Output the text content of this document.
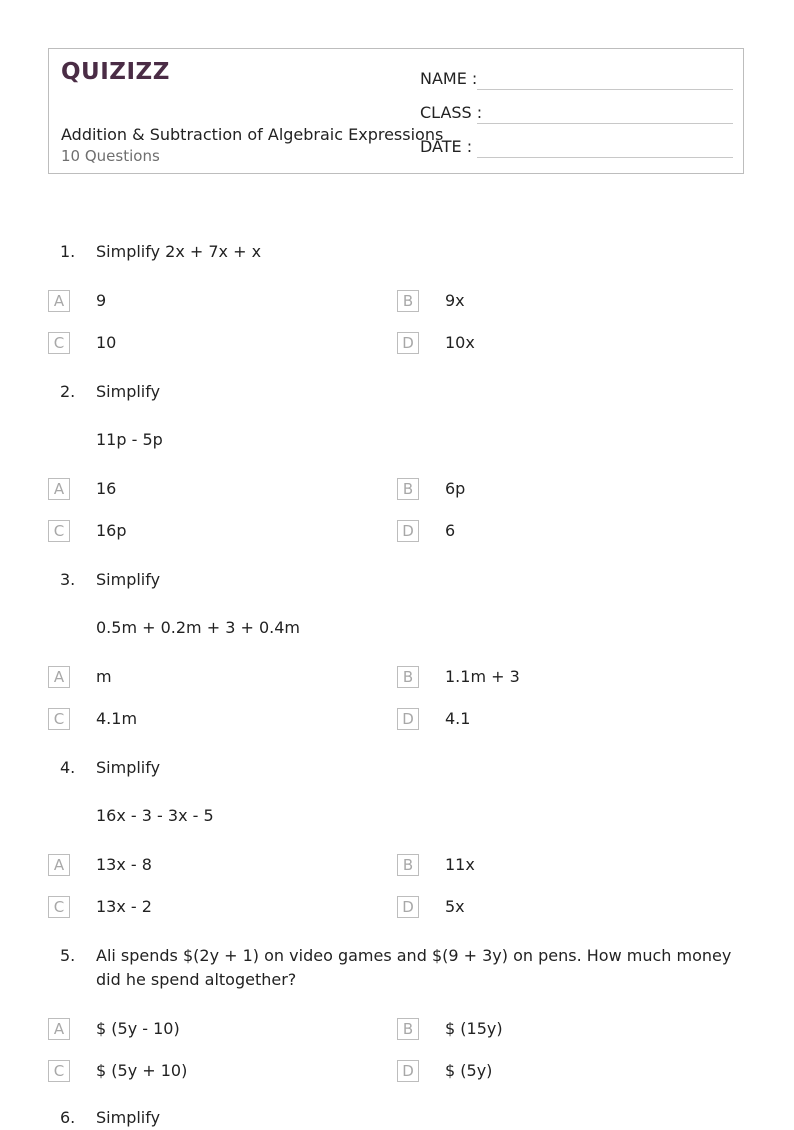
QUIZIZZ
Addition & Subtraction of Algebraic Expressions
10 Questions
NAME :
CLASS :
DATE :
1. Simplify 2x + 7x + x
A	9	B	9x
C	10	D	10x
2. Simplify
11p - 5p
A	16	B	6p
C	16p	D	6
3. Simplify
0.5m + 0.2m + 3 + 0.4m
A	m	B	1.1m + 3
C	4.1m	D	4.1
4. Simplify
16x - 3 - 3x - 5
A	13x - 8	B	11x
C	13x - 2	D	5x
5. Ali spends $(2y + 1) on video games and $(9 + 3y) on pens. How much money did he spend altogether?
A	$ (5y - 10)	B	$ (15y)
C	$ (5y + 10)	D	$ (5y)
6. Simplify
